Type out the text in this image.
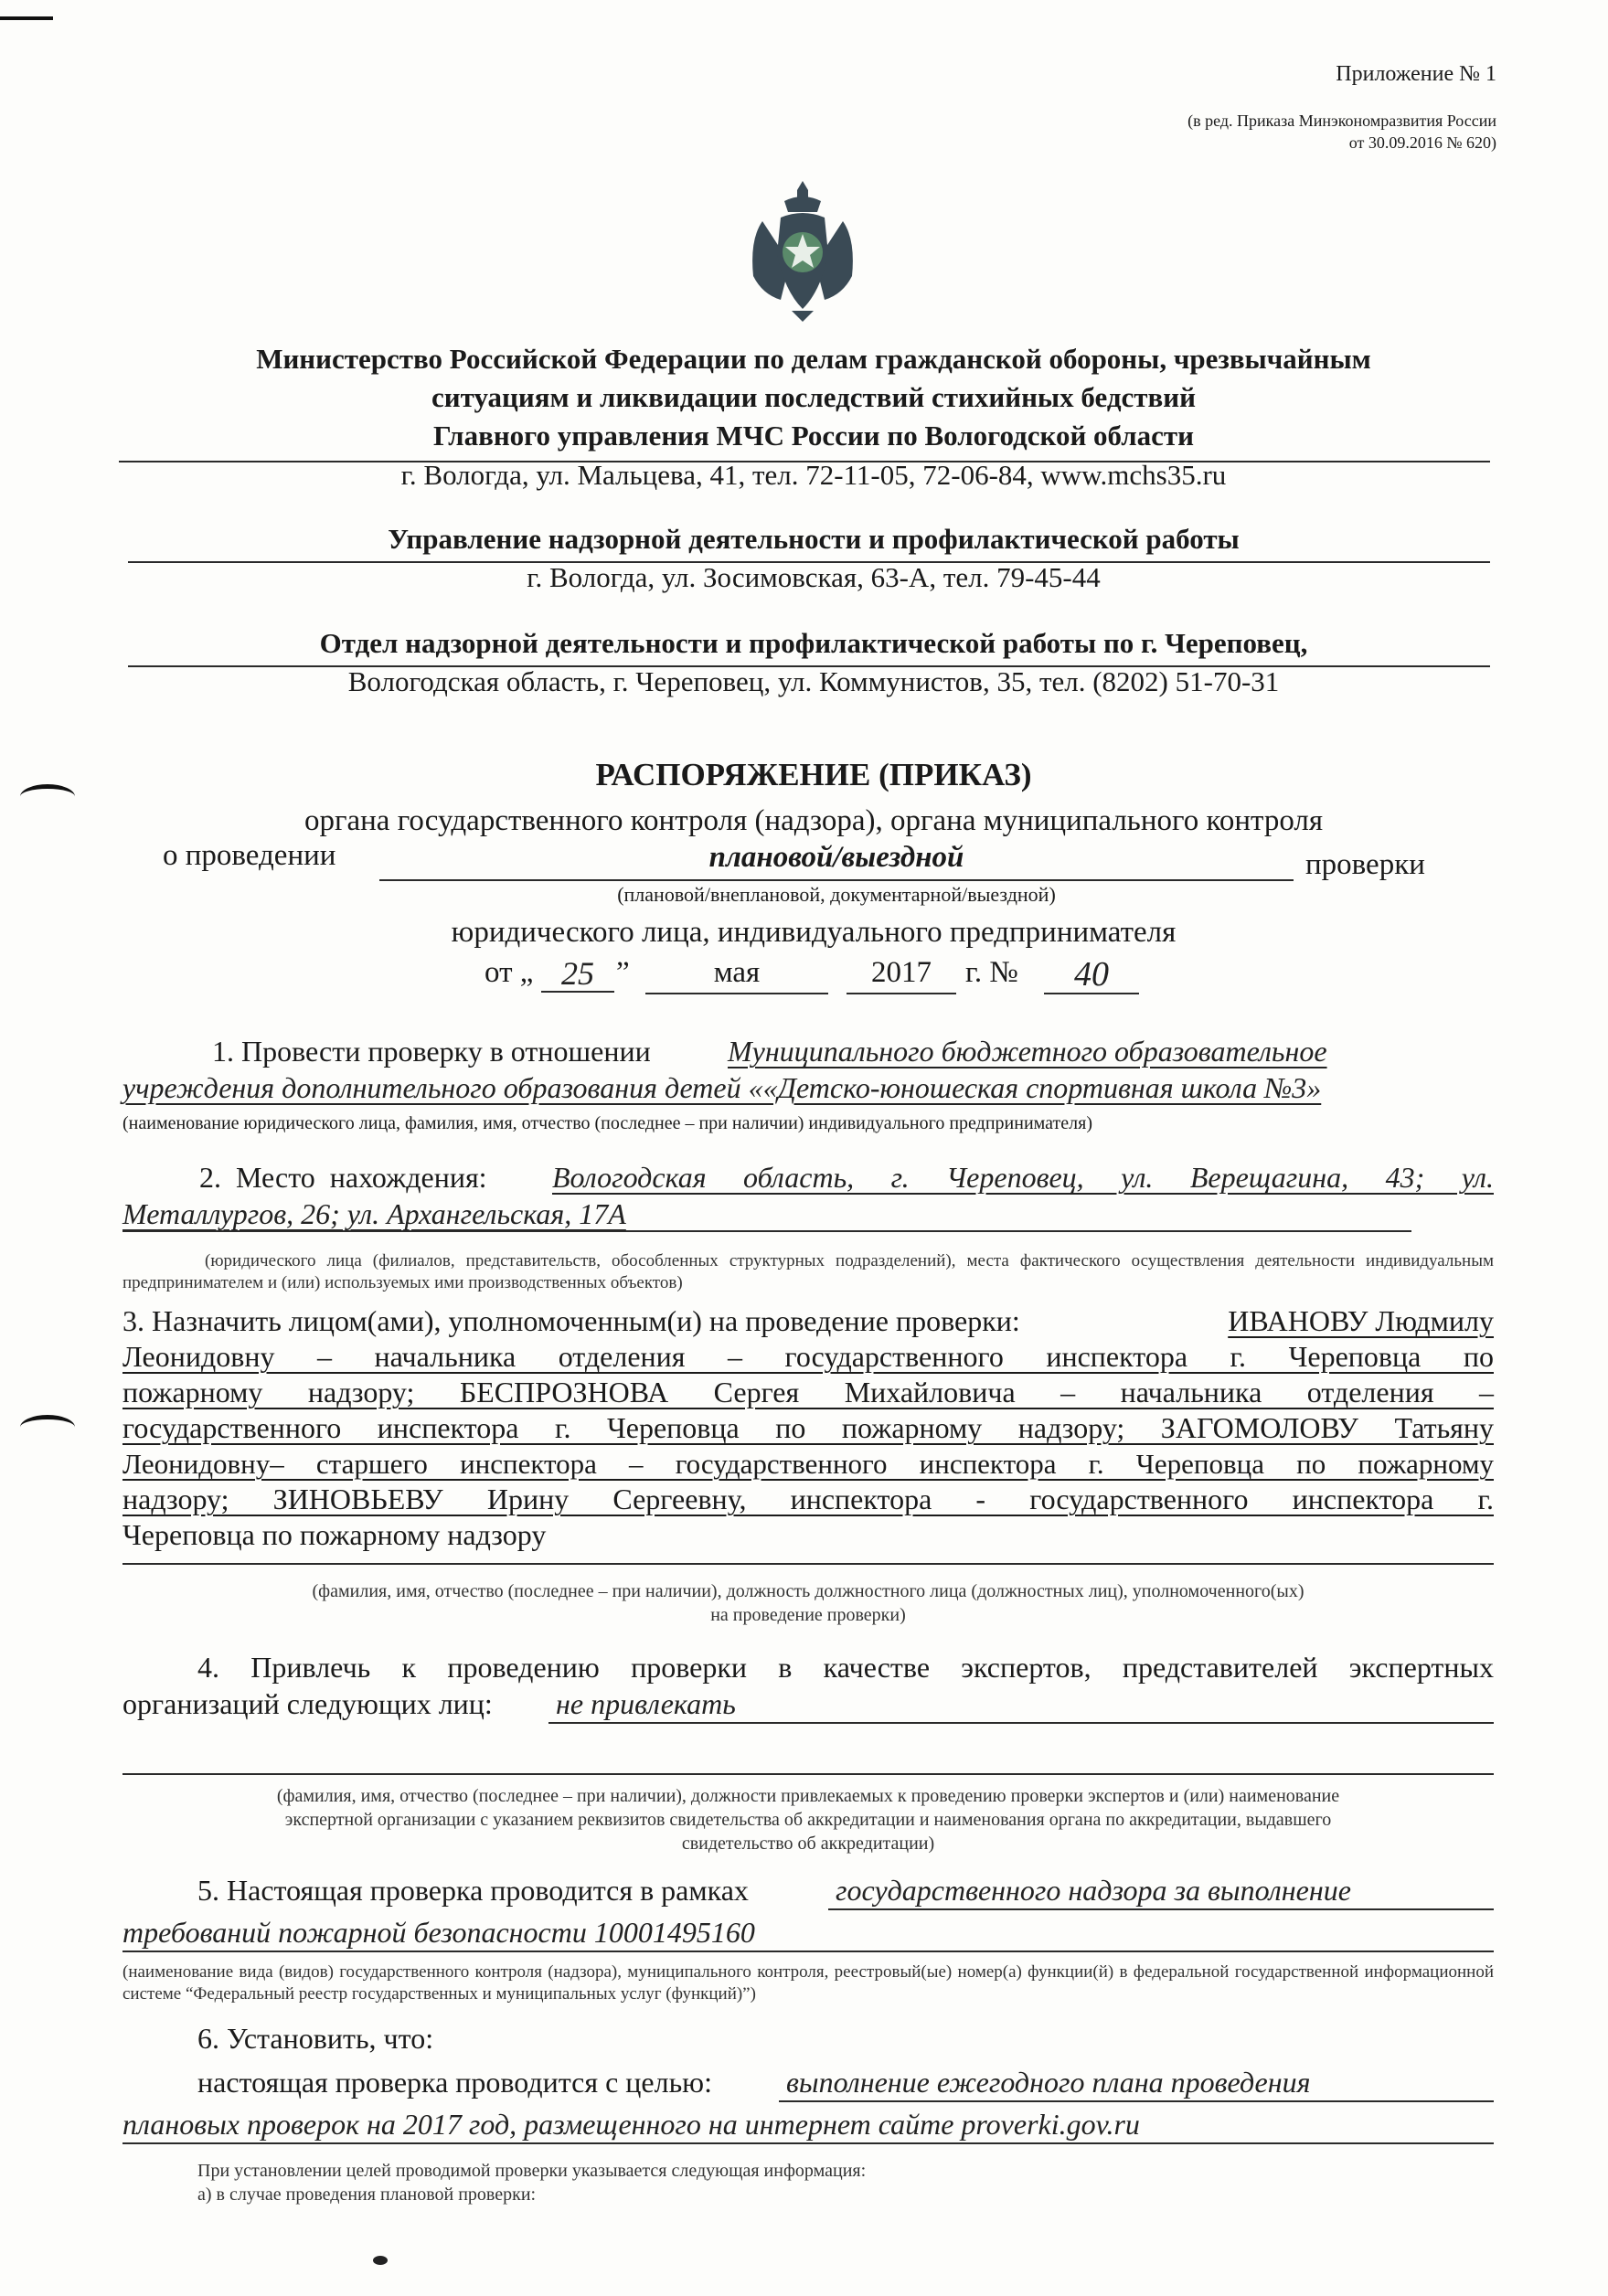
Приложение № 1
(в ред. Приказа Минэкономразвития России
от 30.09.2016 № 620)
Министерство Российской Федерации по делам гражданской обороны, чрезвычайным
ситуациям и ликвидации последствий стихийных бедствий
Главного управления МЧС России по Вологодской области
г. Вологда, ул. Мальцева, 41, тел. 72-11-05, 72-06-84, www.mchs35.ru
Управление надзорной деятельности и профилактической работы
г. Вологда, ул. Зосимовская, 63-А, тел. 79-45-44
Отдел надзорной деятельности и профилактической работы по г. Череповец,
Вологодская область, г. Череповец, ул. Коммунистов, 35, тел. (8202) 51-70-31
РАСПОРЯЖЕНИЕ (ПРИКАЗ)
органа государственного контроля (надзора), органа муниципального контроля
о проведении	плановой/выездной	проверки
(плановой/внеплановой, документарной/выездной)
юридического лица, индивидуального предпринимателя
от „ 25 ”	мая	2017	г. №	40
1. Провести проверку в отношении	Муниципального бюджетного образовательное
учреждения дополнительного образования детей ««Детско-юношеская спортивная школа №3»
(наименование юридического лица, фамилия, имя, отчество (последнее – при наличии) индивидуального предпринимателя)
2. Место нахождения: Вологодская область, г. Череповец, ул. Верещагина, 43; ул.
Металлургов, 26; ул. Архангельская, 17А
(юридического лица (филиалов, представительств, обособленных структурных подразделений), места фактического осуществления деятельности индивидуальным предпринимателем и (или) используемых ими производственных объектов)
3. Назначить лицом(ами), уполномоченным(и) на проведение проверки:	ИВАНОВУ Людмилу
Леонидовну – начальника отделения – государственного инспектора г. Череповца по
пожарному надзору; БЕСПРОЗНОВА Сергея Михайловича – начальника отделения –
государственного инспектора г. Череповца по пожарному надзору; ЗАГОМОЛОВУ Татьяну
Леонидовну– старшего инспектора – государственного инспектора г. Череповца по пожарному
надзору; ЗИНОВЬЕВУ Ирину Сергеевну, инспектора - государственного инспектора г.
Череповца по пожарному надзору
(фамилия, имя, отчество (последнее – при наличии), должность должностного лица (должностных лиц), уполномоченного(ых)
на проведение проверки)
4. Привлечь к проведению проверки в качестве экспертов, представителей экспертных
организаций следующих лиц: не привлекать
(фамилия, имя, отчество (последнее – при наличии), должности привлекаемых к проведению проверки экспертов и (или) наименование
экспертной организации с указанием реквизитов свидетельства об аккредитации и наименования органа по аккредитации, выдавшего
свидетельство об аккредитации)
5. Настоящая проверка проводится в рамках	государственного надзора за выполнение
требований пожарной безопасности 10001495160
(наименование вида (видов) государственного контроля (надзора), муниципального контроля, реестровый(ые) номер(а) функции(й) в федеральной государственной информационной системе “Федеральный реестр государственных и муниципальных услуг (функций)”)
6. Установить, что:
настоящая проверка проводится с целью:	выполнение ежегодного плана проведения
плановых проверок на 2017 год, размещенного на интернет сайте proverki.gov.ru
При установлении целей проводимой проверки указывается следующая информация:
а) в случае проведения плановой проверки:
